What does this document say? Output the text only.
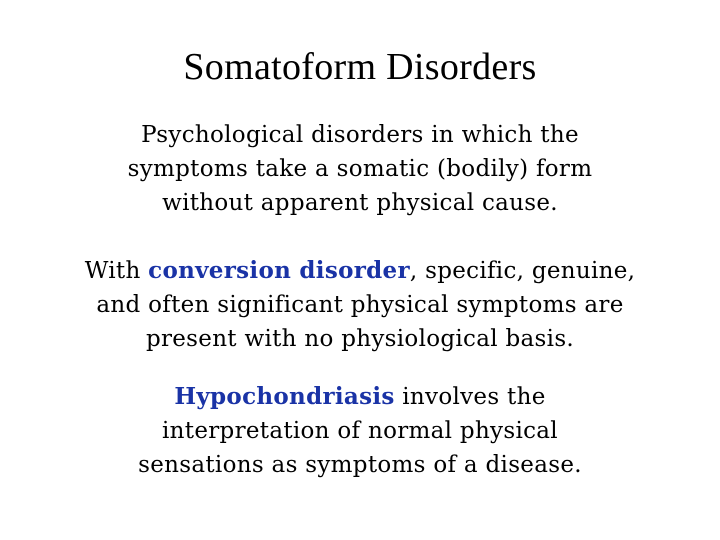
Somatoform Disorders
Psychological disorders in which the
symptoms take a somatic (bodily) form
without apparent physical cause.
With conversion disorder, specific, genuine,
and often significant physical symptoms are
present with no physiological basis.
Hypochondriasis involves the
interpretation of normal physical
sensations as symptoms of a disease.
